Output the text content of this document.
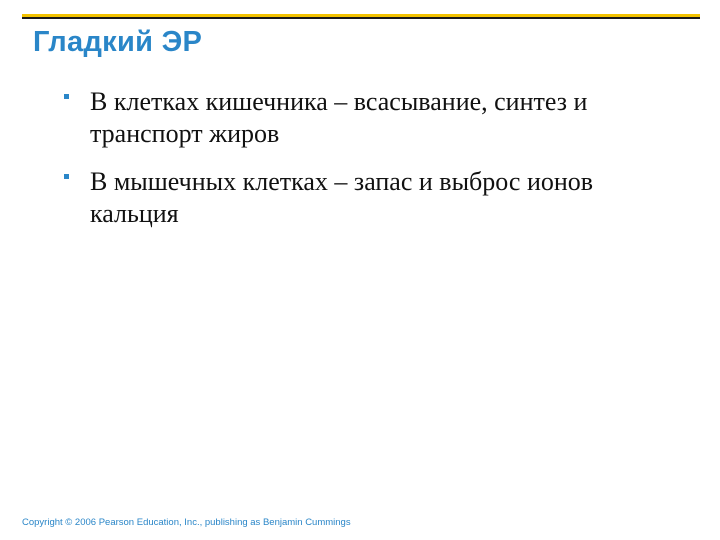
Гладкий ЭР
В клетках кишечника – всасывание, синтез и транспорт жиров
В мышечных клетках – запас и выброс ионов кальция
Copyright © 2006 Pearson Education, Inc., publishing as Benjamin Cummings
